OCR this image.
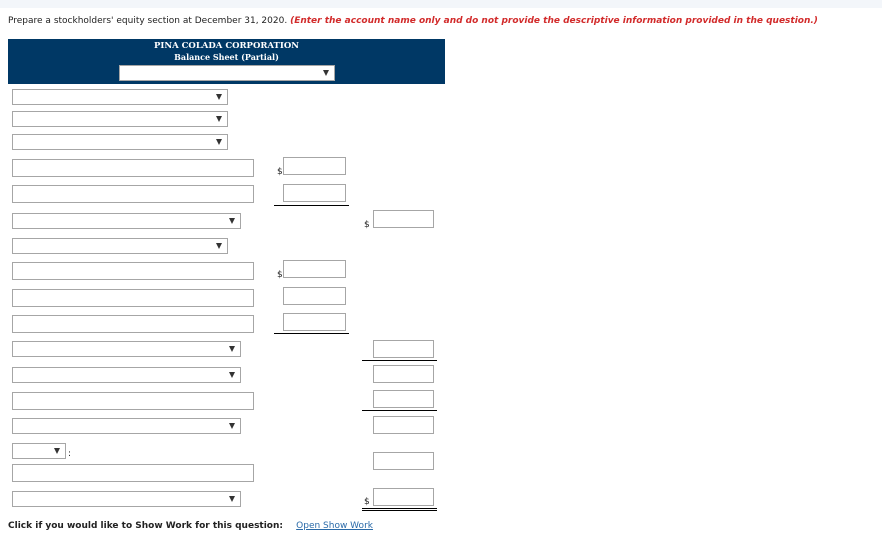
Prepare a stockholders' equity section at December 31, 2020. (Enter the account name only and do not provide the descriptive information provided in the question.)
PINA COLADA CORPORATION
Balance Sheet (Partial)
$
$
$
:
$
Click if you would like to Show Work for this question: Open Show Work
